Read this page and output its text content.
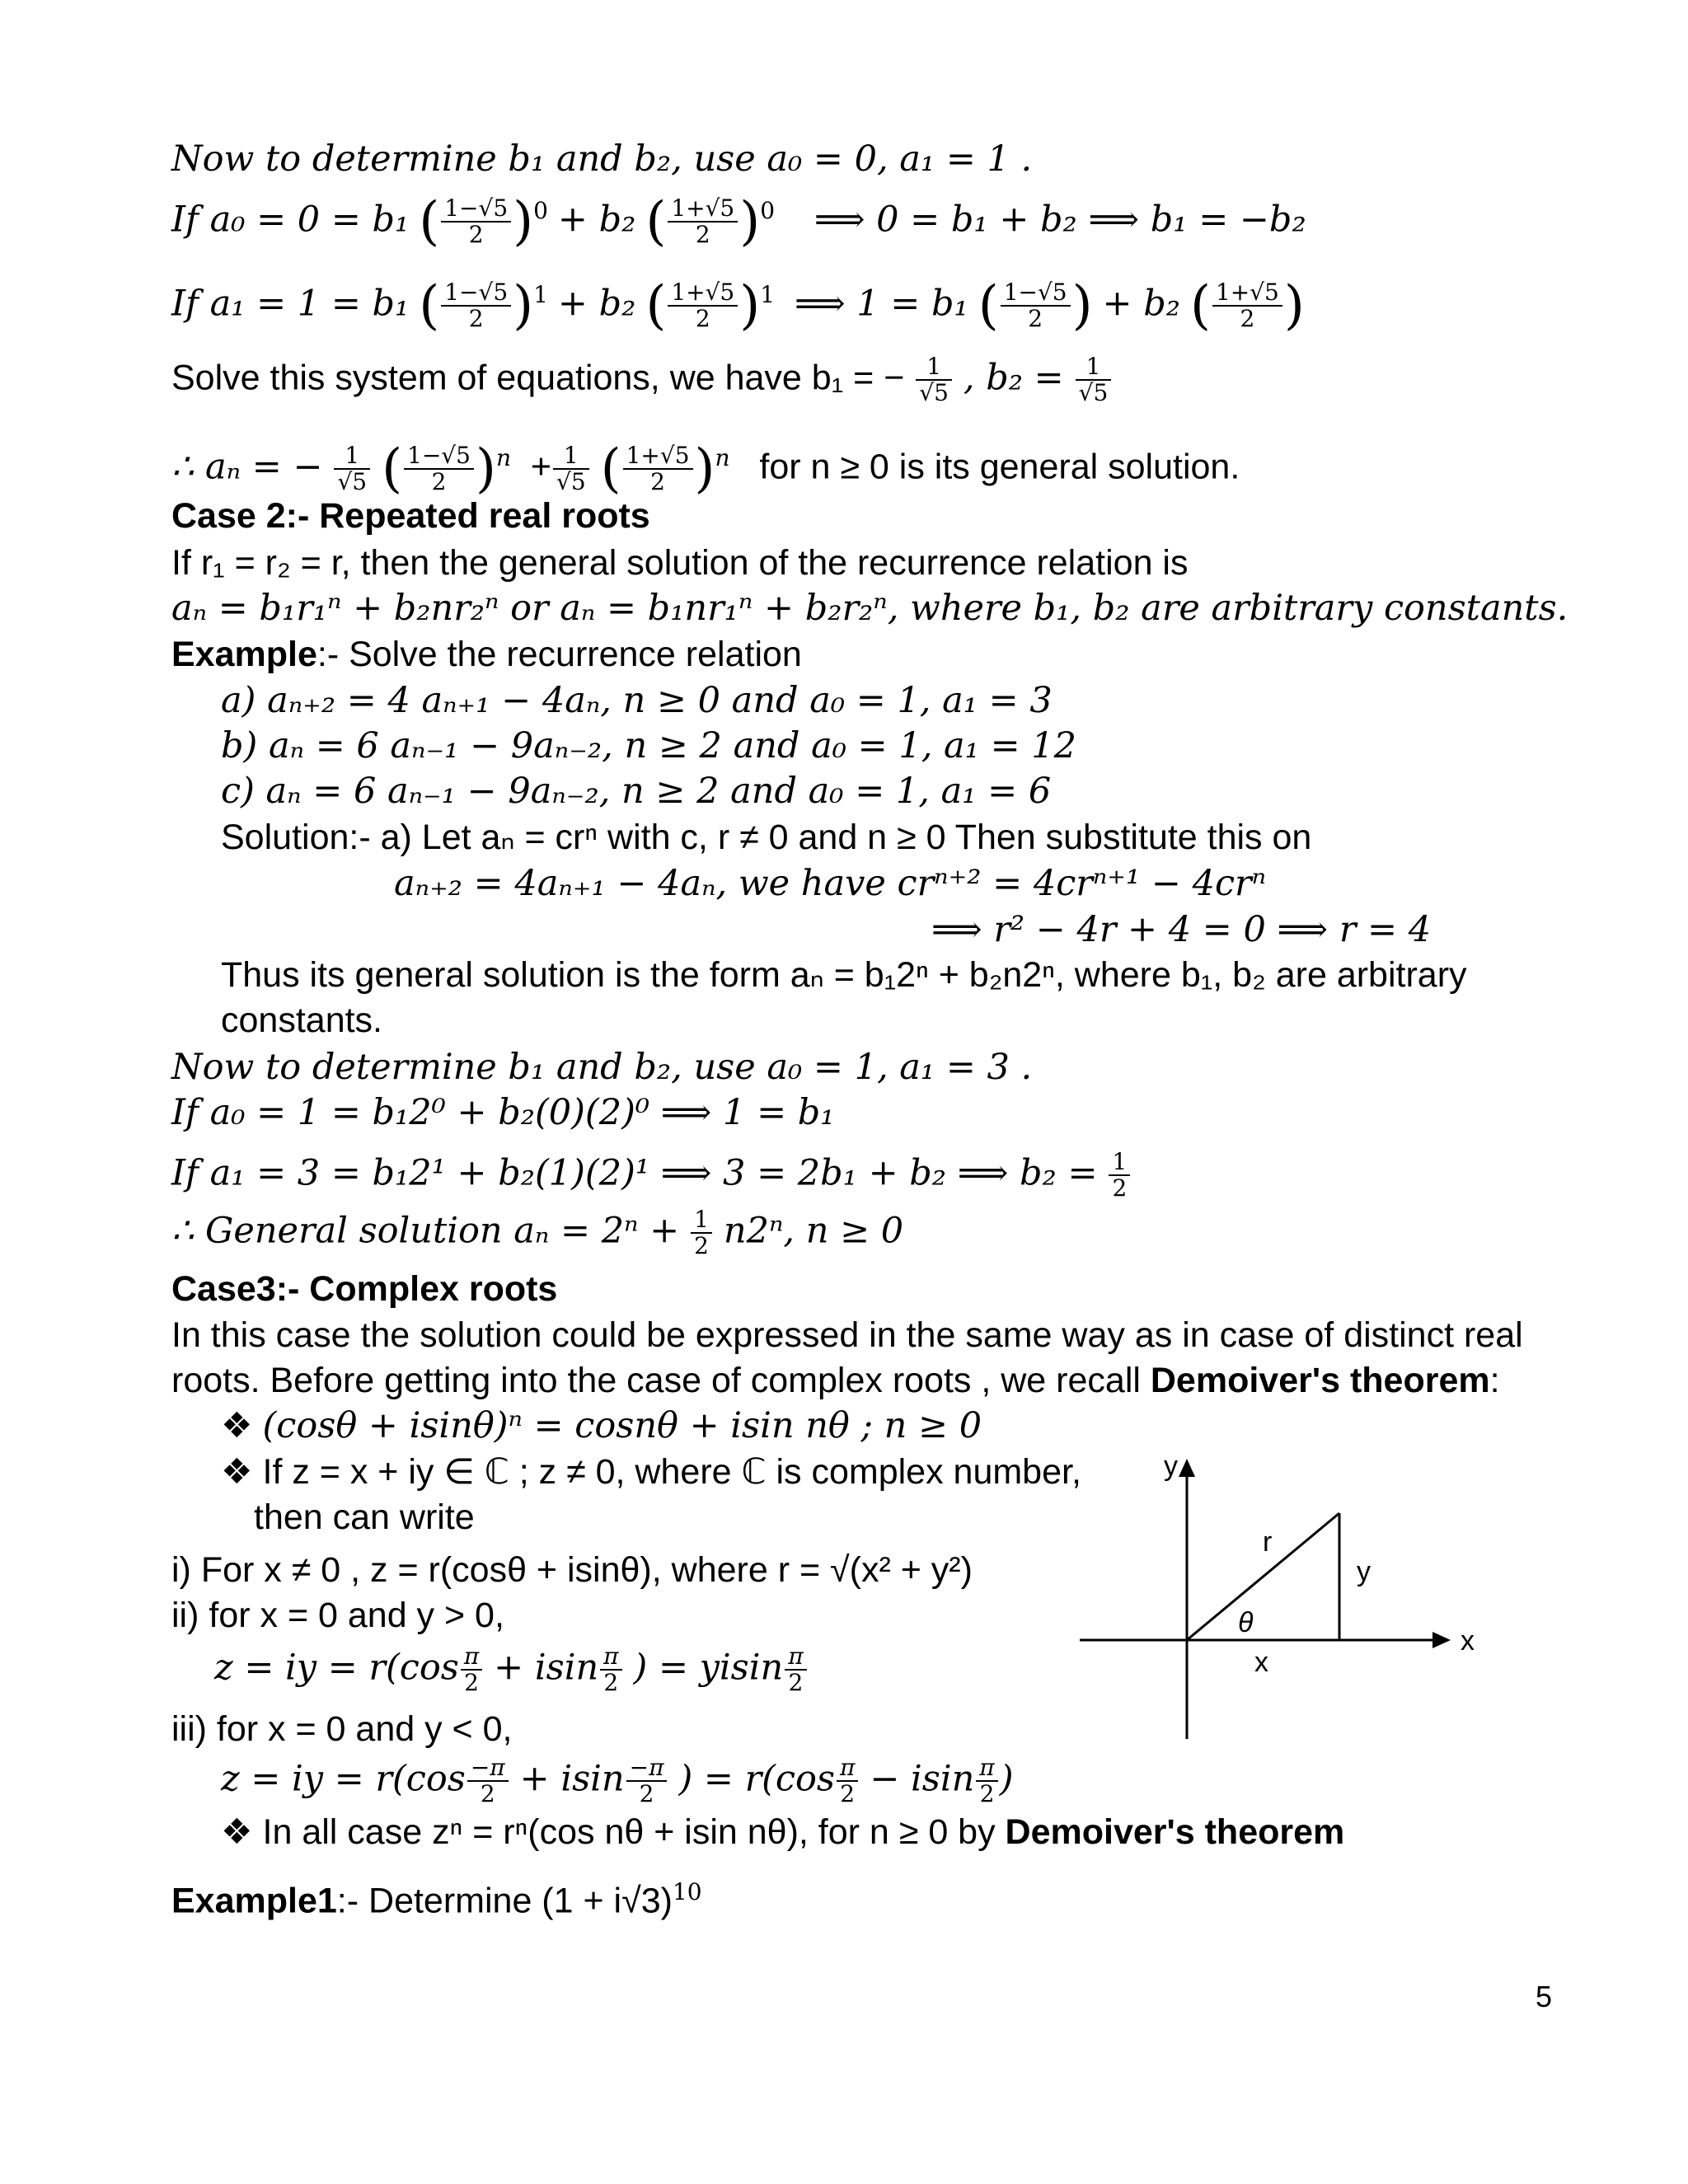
Now to determine b₁ and b₂, use a₀ = 0, a₁ = 1 .
If a₀ = 0 = b₁ ( $\frac{1-√5}{2} )^0 + b_2$ ( $\frac{1+√5}{2} )^0$ ⟹ 0 = b₁ + b₂ ⟹ b₁ = −b₂
If a₁ = 1 = b₁ ( $\frac{1-√5}{2} )^1 + b_2$ ( $\frac{1+√5}{2} )^1$ ⟹ 1 = b₁ ( $\frac{1-√5}{2}$ ) + b₂ ( $\frac{1+√5}{2}$ )
Solve this system of equations, we have b₁ = − $\frac{1}{√5}$ , $b_2 = \frac{1}{√5}$
∴ aₙ = − $\frac{1}{√5}$ ( $\frac{1-√5}{2} )^n + \frac{1}{√5}$ ( $\frac{1+√5}{2} )^n$ for n ≥ 0 is its general solution.
Case 2:- Repeated real roots
If r₁ = r₂ = r, then the general solution of the recurrence relation is
aₙ = b₁r₁ⁿ + b₂nr₂ⁿ or aₙ = b₁nr₁ⁿ + b₂r₂ⁿ, where b₁, b₂ are arbitrary constants.
Example:- Solve the recurrence relation
a) aₙ₊₂ = 4 aₙ₊₁ − 4aₙ, n ≥ 0 and a₀ = 1, a₁ = 3
b) aₙ = 6 aₙ₋₁ − 9aₙ₋₂, n ≥ 2 and a₀ = 1, a₁ = 12
c) aₙ = 6 aₙ₋₁ − 9aₙ₋₂, n ≥ 2 and a₀ = 1, a₁ = 6
Solution:- a) Let aₙ = crⁿ with c, r ≠ 0 and n ≥ 0 Then substitute this on
aₙ₊₂ = 4aₙ₊₁ − 4aₙ, we have crⁿ⁺² = 4crⁿ⁺¹ − 4crⁿ
⟹ r² − 4r + 4 = 0 ⟹ r = 4
Thus its general solution is the form aₙ = b₁2ⁿ + b₂n2ⁿ, where b₁, b₂ are arbitrary
constants.
Now to determine b₁ and b₂, use a₀ = 1, a₁ = 3 .
If a₀ = 1 = b₁2⁰ + b₂(0)(2)⁰ ⟹ 1 = b₁
If a₁ = 3 = b₁2¹ + b₂(1)(2)¹ ⟹ 3 = 2b₁ + b₂ ⟹ $b_2 = \frac{1}{2}$
∴ General solution $a_n = 2^n + \frac{1}{2} n2^n$, n ≥ 0
Case3:- Complex roots
In this case the solution could be expressed in the same way as in case of distinct real
roots. Before getting into the case of complex roots , we recall Demoiver's theorem:
❖ (cosθ + isinθ)ⁿ = cosnθ + isin nθ ; n ≥ 0
❖ If z = x + iy ∈ ℂ ; z ≠ 0, where ℂ is complex number,
then can write
i) For x ≠ 0 , z = r(cosθ + isinθ), where r = √(x² + y²)
ii) for x = 0 and y > 0,
z = iy = $r(\cos \frac{\pi}{2} + isin \frac{\pi}{2}$ ) = yisin $\frac{\pi}{2}$
iii) for x = 0 and y < 0,
z = iy = $r(\cos \frac{-\pi}{2} + isin \frac{-\pi}{2}$ ) = $r(\cos \frac{\pi}{2} - isin \frac{\pi}{2}$ )
❖ In all case zⁿ = rⁿ(cos nθ + isin nθ), for n ≥ 0 by Demoiver's theorem
Example1:- Determine $(1 + i√3)^{10}$
y
x
r
y
θ
x
5
